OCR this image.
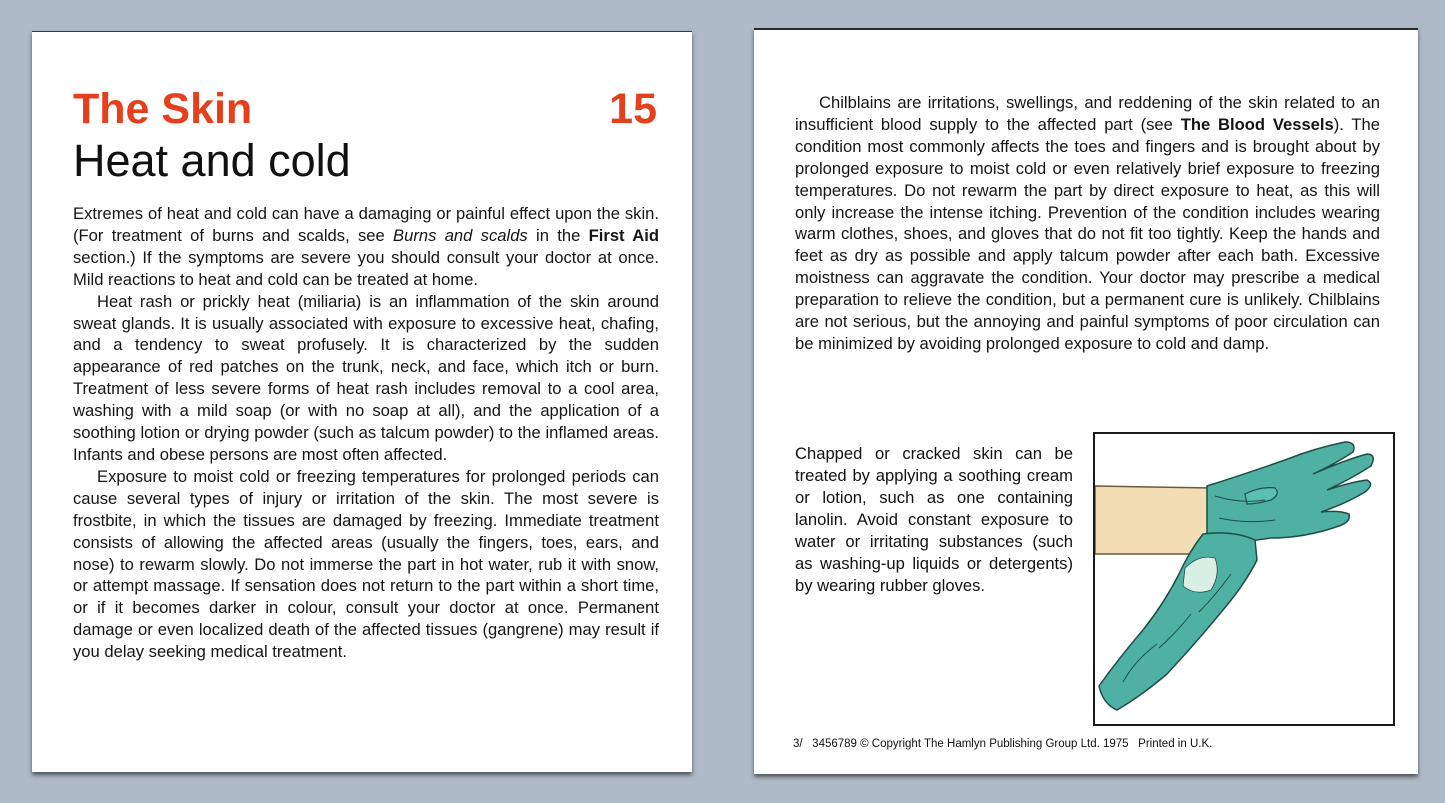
The Skin	15
Heat and cold

Extremes of heat and cold can have a damaging or painful effect upon the skin. (For treatment of burns and scalds, see Burns and scalds in the First Aid section.) If the symptoms are severe you should consult your doctor at once. Mild reactions to heat and cold can be treated at home.

Heat rash or prickly heat (miliaria) is an inflammation of the skin around sweat glands. It is usually associated with exposure to excessive heat, chafing, and a tendency to sweat profusely. It is characterized by the sudden appearance of red patches on the trunk, neck, and face, which itch or burn. Treatment of less severe forms of heat rash includes removal to a cool area, washing with a mild soap (or with no soap at all), and the application of a soothing lotion or drying powder (such as talcum powder) to the inflamed areas. Infants and obese persons are most often affected.

Exposure to moist cold or freezing temperatures for prolonged periods can cause several types of injury or irritation of the skin. The most severe is frostbite, in which the tissues are damaged by freezing. Immediate treatment consists of allowing the affected areas (usually the fingers, toes, ears, and nose) to rewarm slowly. Do not immerse the part in hot water, rub it with snow, or attempt massage. If sensation does not return to the part within a short time, or if it becomes darker in colour, consult your doctor at once. Permanent damage or even localized death of the affected tissues (gangrene) may result if you delay seeking medical treatment.

Chilblains are irritations, swellings, and reddening of the skin related to an insufficient blood supply to the affected part (see The Blood Vessels). The condition most commonly affects the toes and fingers and is brought about by prolonged exposure to moist cold or even relatively brief exposure to freezing temperatures. Do not rewarm the part by direct exposure to heat, as this will only increase the intense itching. Prevention of the condition includes wearing warm clothes, shoes, and gloves that do not fit too tightly. Keep the hands and feet as dry as possible and apply talcum powder after each bath. Excessive moistness can aggravate the condition. Your doctor may prescribe a medical preparation to relieve the condition, but a permanent cure is unlikely. Chilblains are not serious, but the annoying and painful symptoms of poor circulation can be minimized by avoiding prolonged exposure to cold and damp.

Chapped or cracked skin can be treated by applying a soothing cream or lotion, such as one containing lanolin. Avoid constant exposure to water or irritating substances (such as washing-up liquids or detergents) by wearing rubber gloves.

3/   3456789 © Copyright The Hamlyn Publishing Group Ltd. 1975   Printed in U.K.
